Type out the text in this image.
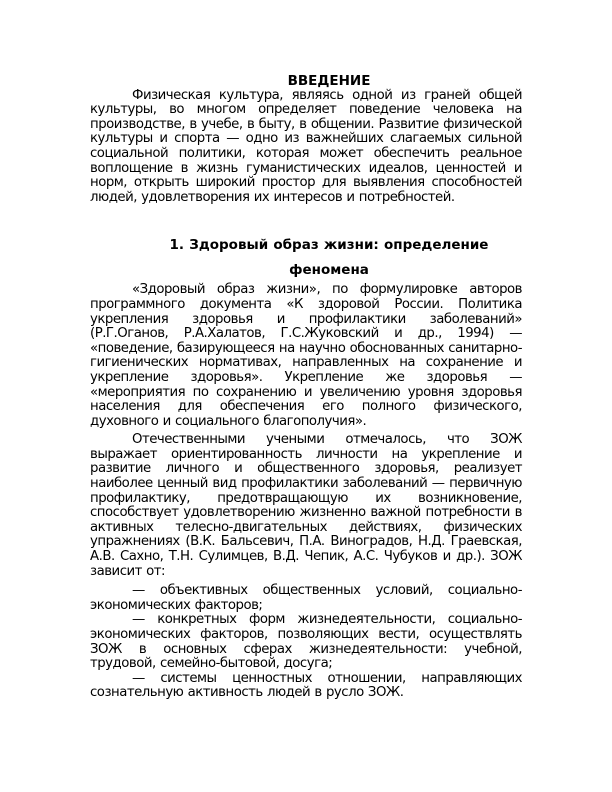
ВВЕДЕНИЕ

Физическая культура, являясь одной из граней общей культуры, во многом определяет поведение человека на производстве, в учебе, в быту, в общении. Развитие физической культуры и спорта — одно из важнейших слагаемых сильной социальной политики, которая может обеспечить реальное воплощение в жизнь гуманистических идеалов, ценностей и норм, открыть широкий простор для выявления способностей людей, удовлетворения их интересов и потребностей.

1. Здоровый образ жизни: определение
феномена

«Здоровый образ жизни», по формулировке авторов программного документа «К здоровой России. Политика укрепления здоровья и профилактики заболеваний» (Р.Г.Оганов, Р.А.Халатов, Г.С.Жуковский и др., 1994) — «поведение, базирующееся на научно обоснованных санитарно-гигиенических нормативах, направленных на сохранение и укрепление здоровья». Укрепление же здоровья — «мероприятия по сохранению и увеличению уровня здоровья населения для обеспечения его полного физического, духовного и социального благополучия».

Отечественными учеными отмечалось, что ЗОЖ выражает ориентированность личности на укрепление и развитие личного и общественного здоровья, реализует наиболее ценный вид профилактики заболеваний — первичную профилактику, предотвращающую их возникновение, способствует удовлетворению жизненно важной потребности в активных телесно-двигательных действиях, физических упражнениях (В.К. Бальсевич, П.А. Виноградов, Н.Д. Граевская, А.В. Сахно, Т.Н. Сулимцев, В.Д. Чепик, А.С. Чубуков и др.). ЗОЖ зависит от:

— объективных общественных условий, социально-экономических факторов;

— конкретных форм жизнедеятельности, социально-экономических факторов, позволяющих вести, осуществлять ЗОЖ в основных сферах жизнедеятельности: учебной, трудовой, семейно-бытовой, досуга;

— системы ценностных отношении, направляющих сознательную активность людей в русло ЗОЖ.
